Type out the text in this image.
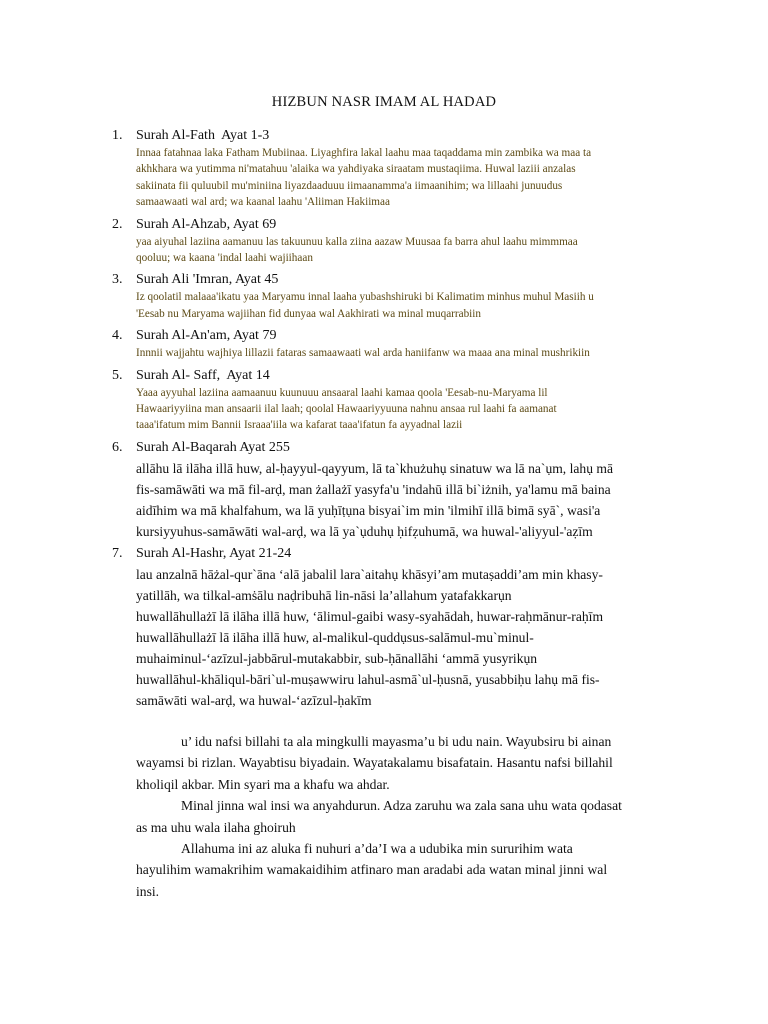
HIZBUN NASR IMAM AL HADAD
1. Surah Al-Fath  Ayat 1-3
Innaa fatahnaa laka Fatham Mubiinaa. Liyaghfira lakal laahu maa taqaddama min zambika wa maa ta
akhkhara wa yutimma ni'matahuu 'alaika wa yahdiyaka siraatam mustaqiima. Huwal laziii anzalas
sakiinata fii quluubil mu'miniina liyazdaaduuu iimaanamma'a iimaanihim; wa lillaahi junuudus
samaawaati wal ard; wa kaanal laahu 'Aliiman Hakiimaa
2. Surah Al-Ahzab, Ayat 69
yaa aiyuhal laziina aamanuu las takuunuu kalla ziina aazaw Muusaa fa barra ahul laahu mimmmaa
qooluu; wa kaana 'indal laahi wajiihaan
3. Surah Ali 'Imran, Ayat 45
Iz qoolatil malaaa'ikatu yaa Maryamu innal laaha yubashshiruki bi Kalimatim minhus muhul Masiih u
'Eesab nu Maryama wajiihan fid dunyaa wal Aakhirati wa minal muqarrabiin
4. Surah Al-An'am, Ayat 79
Innnii wajjahtu wajhiya lillazii fataras samaawaati wal arda haniifanw wa maaa ana minal mushrikiin
5. Surah Al- Saff,  Ayat 14
Yaaa ayyuhal laziina aamaanuu kuunuuu ansaaral laahi kamaa qoola 'Eesab-nu-Maryama lil
Hawaariyyiina man ansaarii ilal laah; qoolal Hawaariyyuuna nahnu ansaa rul laahi fa aamanat
taaa'ifatum mim Bannii Israaa'iila wa kafarat taaa'ifatun fa ayyadnal lazii
6. Surah Al-Baqarah Ayat 255
allāhu lā ilāha illā huw, al-ḥayyul-qayyum, lā ta`khużuhụ sinatuw wa lā na`ụm, lahụ mā
fis-samāwāti wa mā fil-arḍ, man żallażī yasyfa'u 'indahū illā bi`iżnih, ya'lamu mā baina
aidīhim wa mā khalfahum, wa lā yuḥīṭụna bisyai`im min 'ilmihī illā bimā syā`, wasi'a
kursiyyuhus-samāwāti wal-arḍ, wa lā ya`ụduhụ ḥifẓuhumā, wa huwal-'aliyyul-'aẓīm
7. Surah Al-Hashr, Ayat 21-24
lau anzalnā hāżal-qur`āna ‘alā jabalil lara`aitahụ khāsyi’am mutaṣaddi’am min khasy-
yatillāh, wa tilkal-amṡālu naḍribuhā lin-nāsi la’allahum yatafakkarụn
huwallāhullażī lā ilāha illā huw, ‘ālimul-gaibi wasy-syahādah, huwar-raḥmānur-raḥīm
huwallāhullażī lā ilāha illā huw, al-malikul-quddụsus-salāmul-mu`minul-
muhaiminul-‘azīzul-jabbārul-mutakabbir, sub-ḥānallāhi ‘ammā yusyrikụn
huwallāhul-khāliqul-bāri`ul-muṣawwiru lahul-asmā`ul-ḥusnā, yusabbiḥu lahụ mā fis-
samāwāti wal-arḍ, wa huwal-‘azīzul-ḥakīm
u’ idu nafsi billahi ta ala mingkulli mayasma’u bi udu nain. Wayubsiru bi ainan
wayamsi bi rizlan. Wayabtisu biyadain. Wayatakalamu bisafatain. Hasantu nafsi billahil
kholiqil akbar. Min syari ma a khafu wa ahdar.
Minal jinna wal insi wa anyahdurun. Adza zaruhu wa zala sana uhu wata qodasat
as ma uhu wala ilaha ghoiruh
Allahuma ini az aluka fi nuhuri a’da’I wa a udubika min sururihim wata
hayulihim wamakrihim wamakaidihim atfinaro man aradabi ada watan minal jinni wal
insi.
